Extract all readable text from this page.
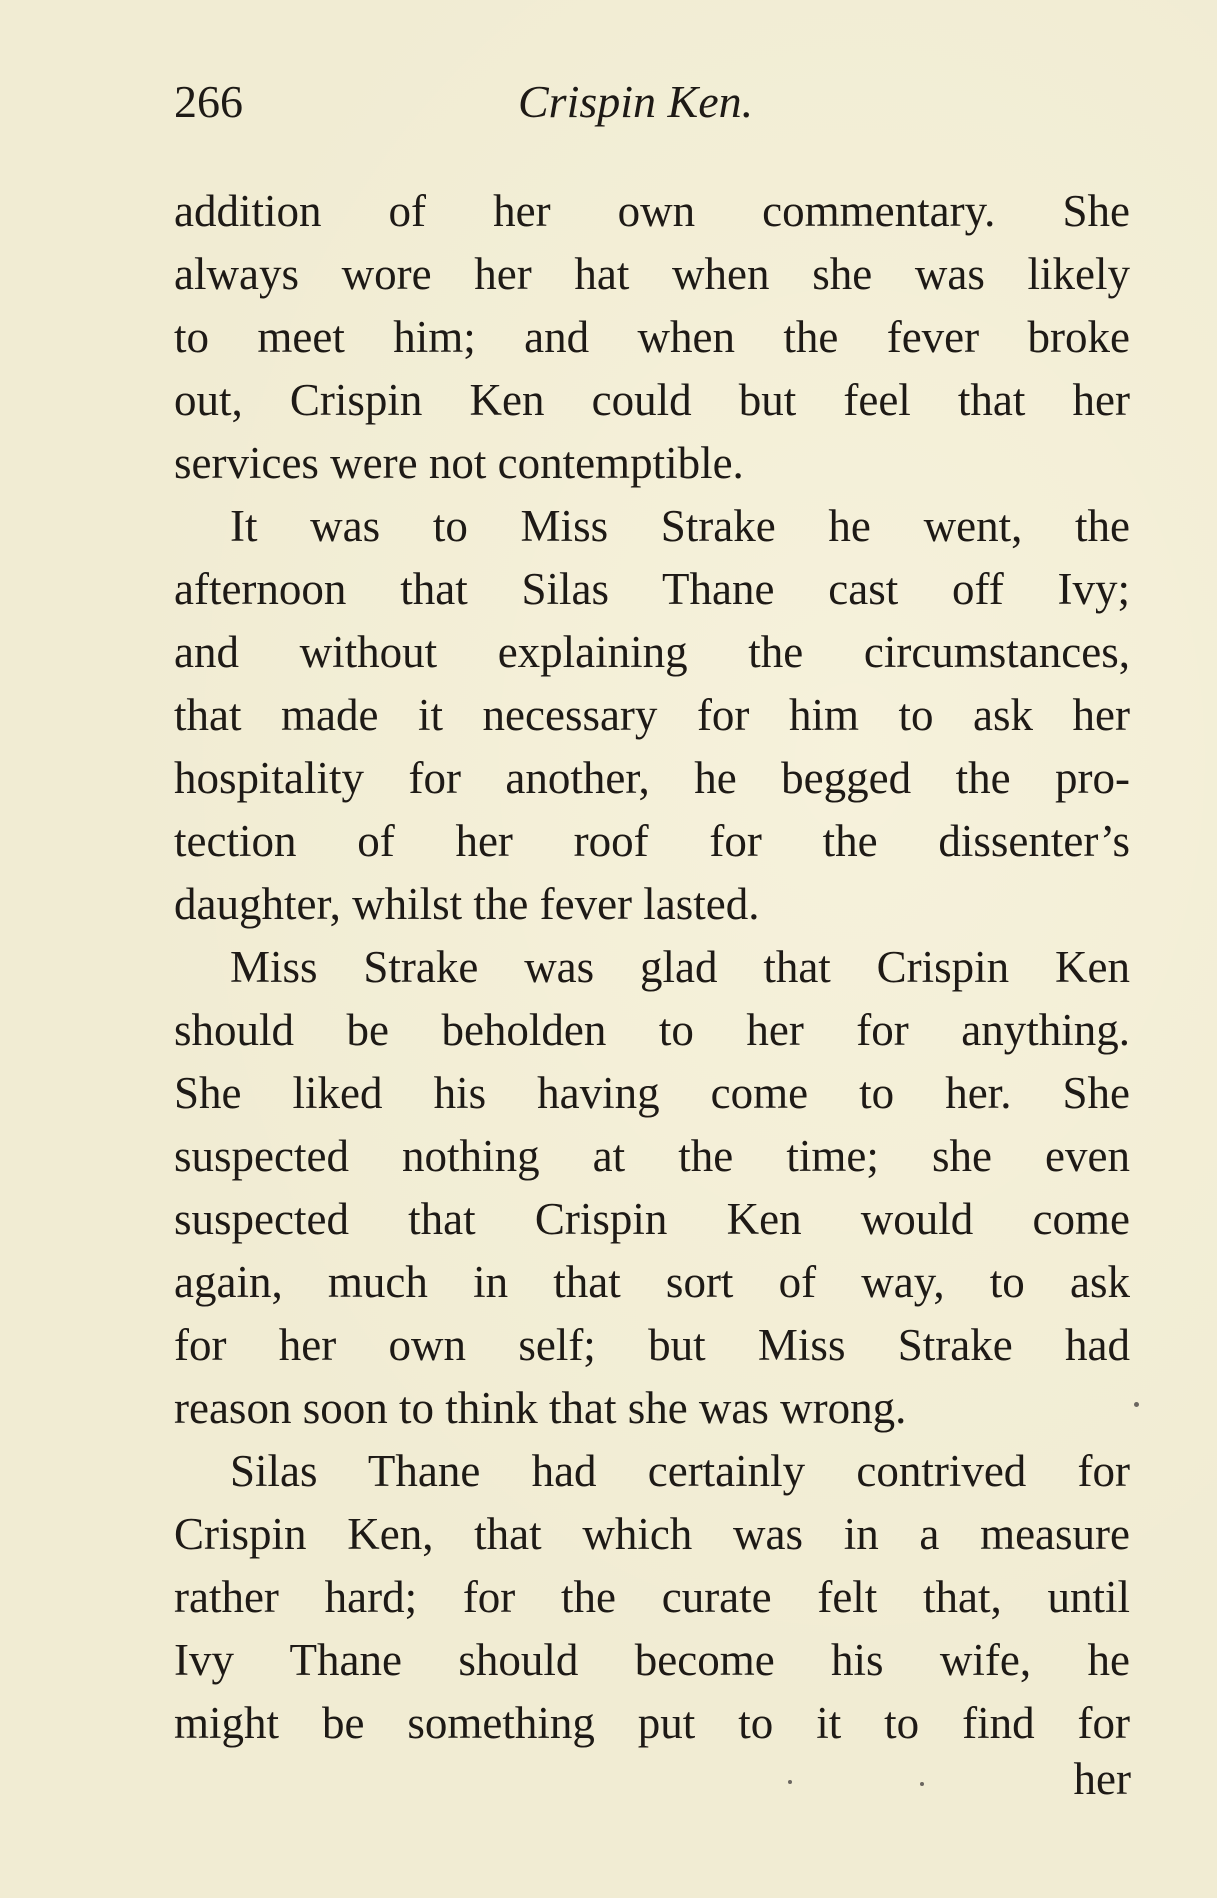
266	Crispin Ken.
addition of her own commentary. She
always wore her hat when she was likely
to meet him; and when the fever broke
out, Crispin Ken could but feel that her
services were not contemptible.
It was to Miss Strake he went, the
afternoon that Silas Thane cast off Ivy;
and without explaining the circumstances,
that made it necessary for him to ask her
hospitality for another, he begged the pro-
tection of her roof for the dissenter’s
daughter, whilst the fever lasted.
Miss Strake was glad that Crispin Ken
should be beholden to her for anything.
She liked his having come to her. She
suspected nothing at the time; she even
suspected that Crispin Ken would come
again, much in that sort of way, to ask
for her own self; but Miss Strake had
reason soon to think that she was wrong.
Silas Thane had certainly contrived for
Crispin Ken, that which was in a measure
rather hard; for the curate felt that, until
Ivy Thane should become his wife, he
might be something put to it to find for
her
